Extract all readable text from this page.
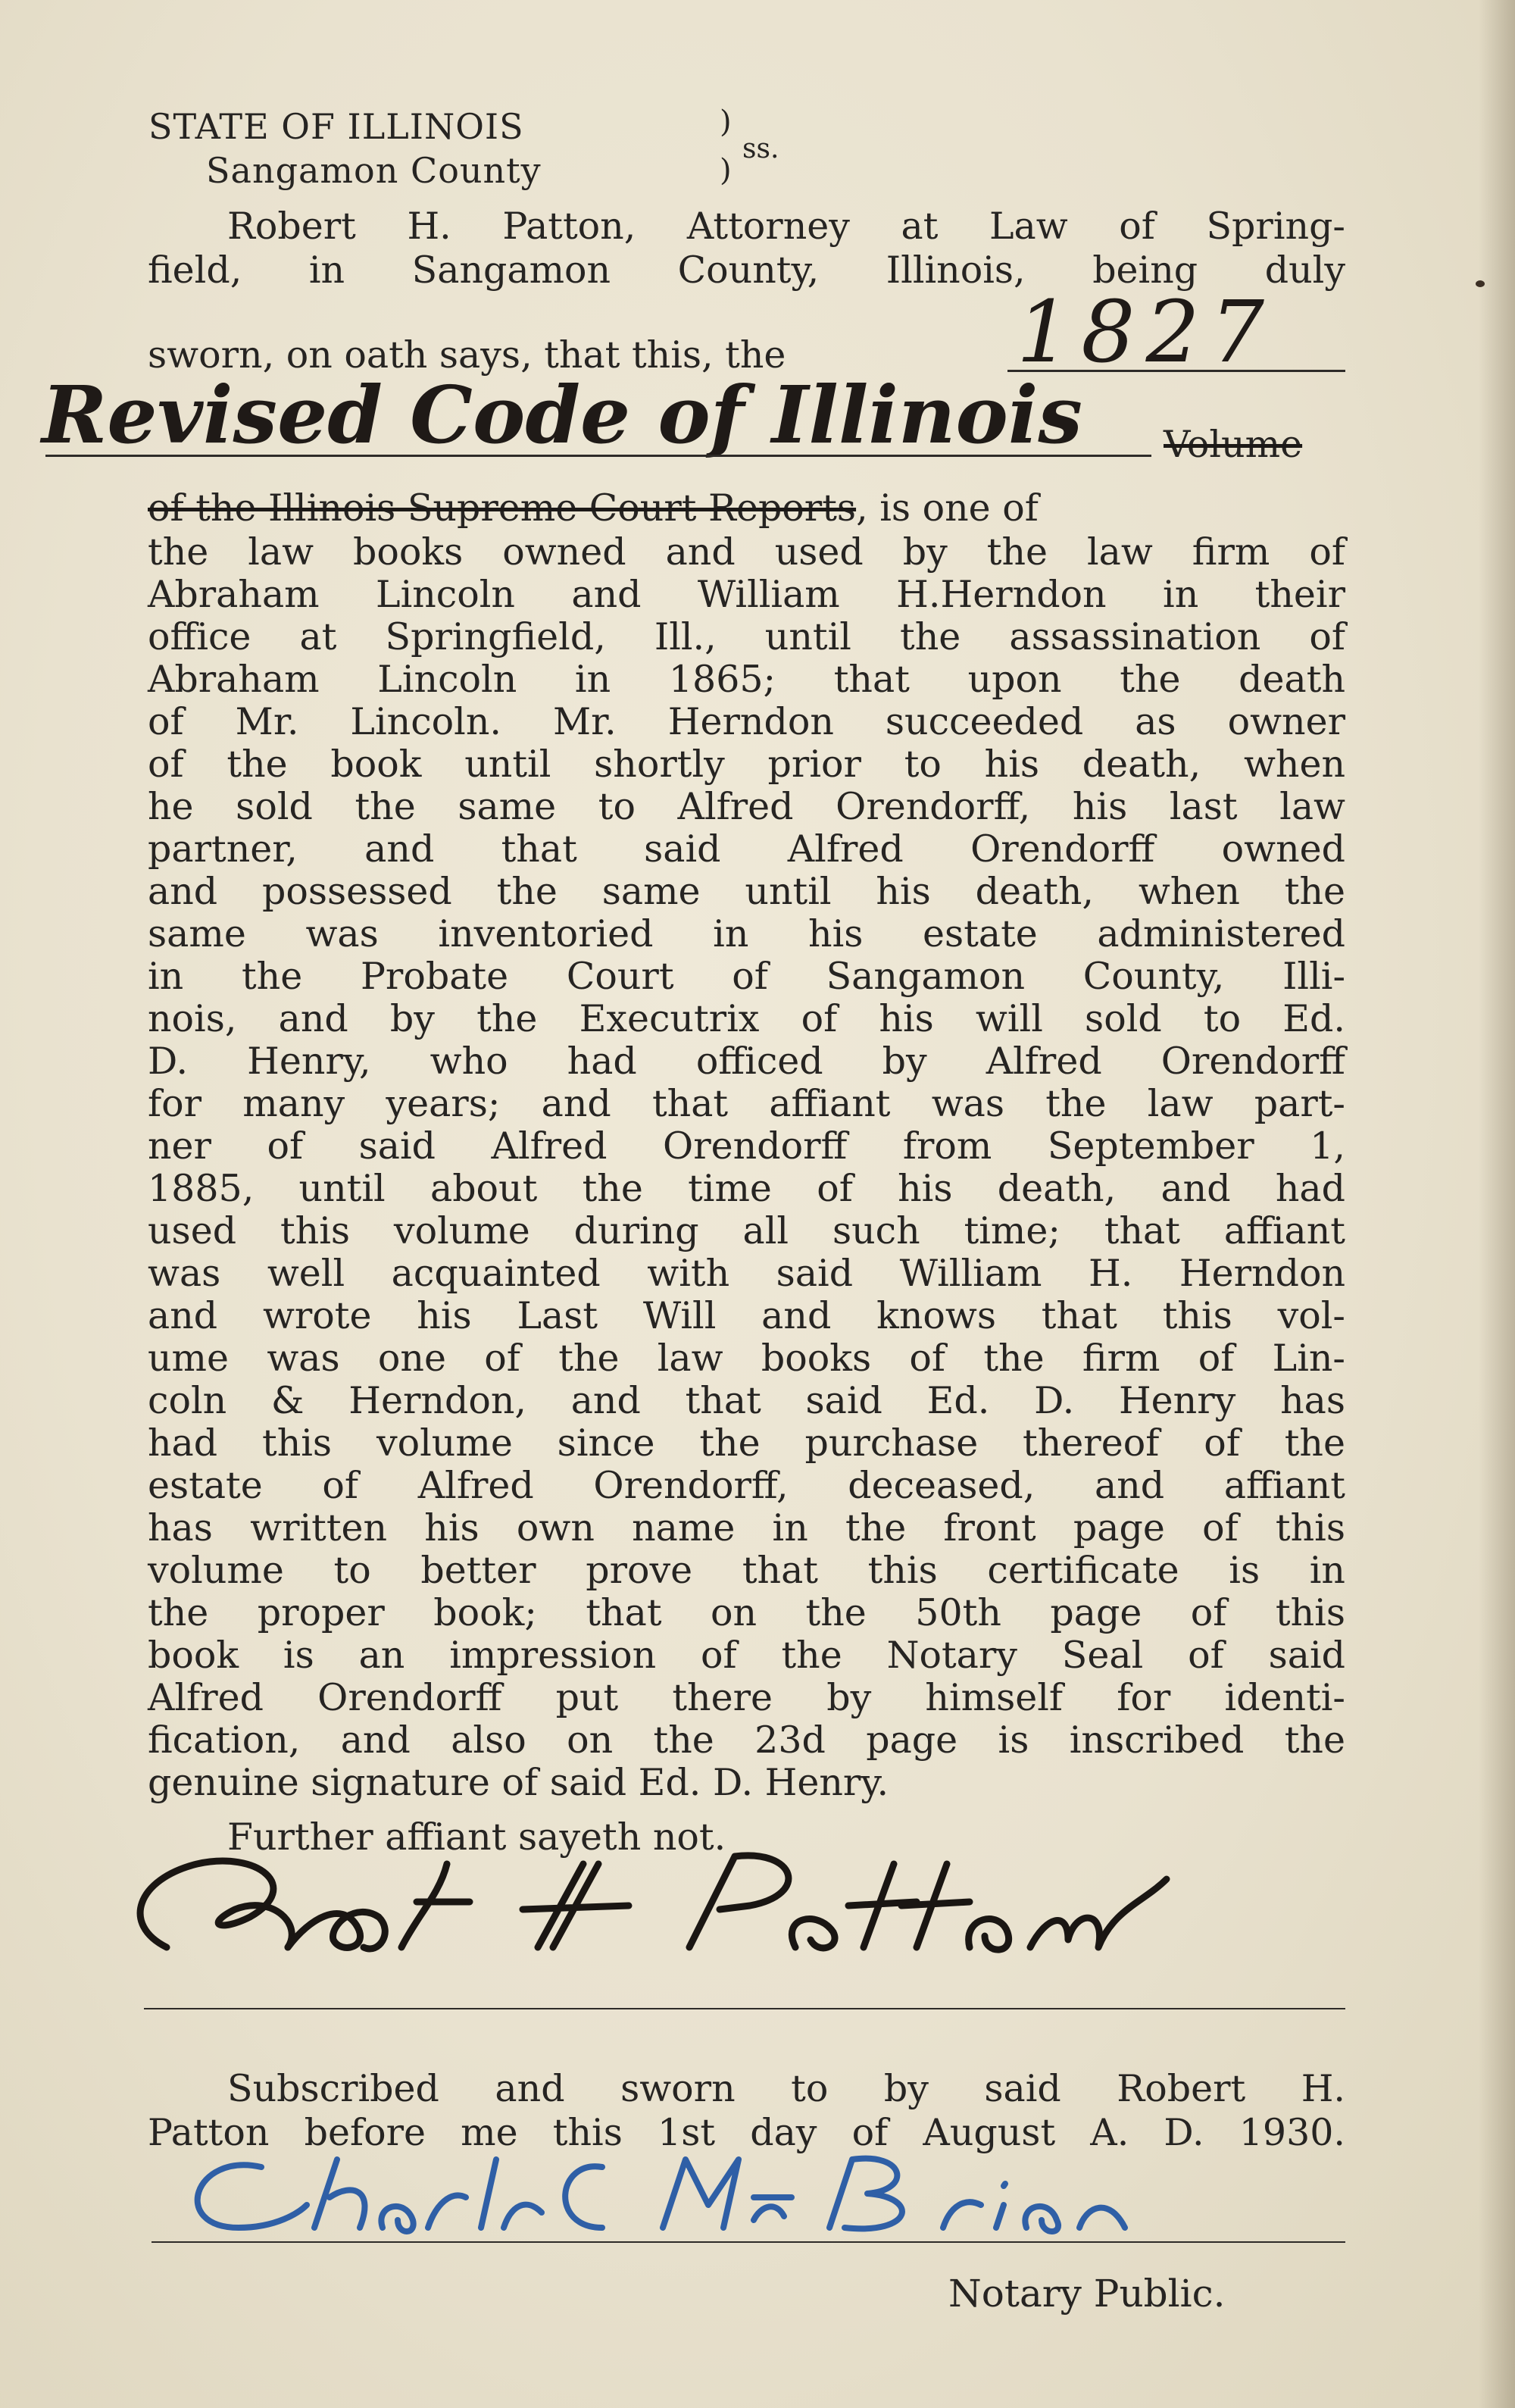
STATE OF ILLINOIS
Sangamon County
)
)
ss.
Robert H. Patton, Attorney at Law of Spring-
field, in Sangamon County, Illinois, being duly
sworn, on oath says, that this, the	1827
Revised Code of Illinois Volume
of the Illinois Supreme Court Reports, is one of
the law books owned and used by the law firm of
Abraham Lincoln and William H.Herndon in their
office at Springfield, Ill., until the assassination of
Abraham Lincoln in 1865; that upon the death
of Mr. Lincoln. Mr. Herndon succeeded as owner
of the book until shortly prior to his death, when
he sold the same to Alfred Orendorff, his last law
partner, and that said Alfred Orendorff owned
and possessed the same until his death, when the
same was inventoried in his estate administered
in the Probate Court of Sangamon County, Illi-
nois, and by the Executrix of his will sold to Ed.
D. Henry, who had officed by Alfred Orendorff
for many years; and that affiant was the law part-
ner of said Alfred Orendorff from September 1,
1885, until about the time of his death, and had
used this volume during all such time; that affiant
was well acquainted with said William H. Herndon
and wrote his Last Will and knows that this vol-
ume was one of the law books of the firm of Lin-
coln & Herndon, and that said Ed. D. Henry has
had this volume since the purchase thereof of the
estate of Alfred Orendorff, deceased, and affiant
has written his own name in the front page of this
volume to better prove that this certificate is in
the proper book; that on the 50th page of this
book is an impression of the Notary Seal of said
Alfred Orendorff put there by himself for identi-
fication, and also on the 23d page is inscribed the
genuine signature of said Ed. D. Henry.
Further affiant sayeth not.
Subscribed and sworn to by said Robert H.
Patton before me this 1st day of August A. D. 1930.
Notary Public.
